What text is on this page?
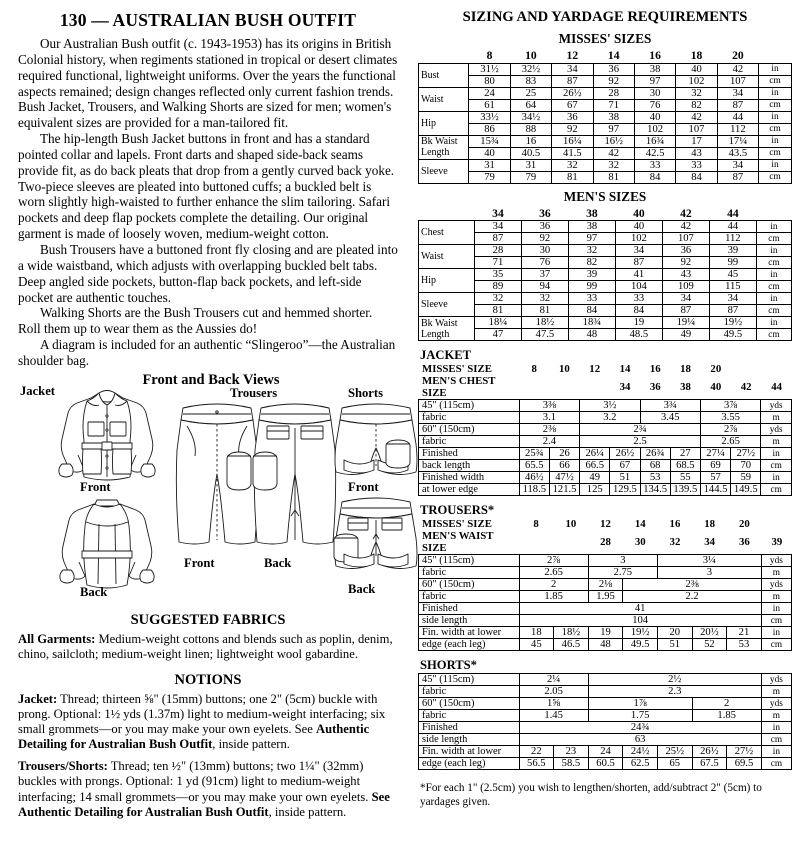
130 — AUSTRALIAN BUSH OUTFIT

Our Australian Bush outfit (c. 1943-1953) has its origins in British Colonial history, when regiments stationed in tropical or desert climates required functional, lightweight uniforms. Over the years the functional aspects remained; design changes reflected only current fashion trends. Bush Jacket, Trousers, and Walking Shorts are sized for men; women's equivalent sizes are provided for a man-tailored fit.

The hip-length Bush Jacket buttons in front and has a standard pointed collar and lapels. Front darts and shaped side-back seams provide fit, as do back pleats that drop from a gently curved back yoke. Two-piece sleeves are pleated into buttoned cuffs; a buckled belt is worn slightly high-waisted to further enhance the slim tailoring. Safari pockets and deep flap pockets complete the detailing. Our original garment is made of loosely woven, medium-weight cotton.

Bush Trousers have a buttoned front fly closing and are pleated into a wide waistband, which adjusts with overlapping buckled belt tabs. Deep angled side pockets, button-flap back pockets, and left-side pocket are authentic touches.

Walking Shorts are the Bush Trousers cut and hemmed shorter. Roll them up to wear them as the Aussies do!

A diagram is included for an authentic “Slingeroo”—the Australian shoulder bag.

Front and Back Views
Jacket	Trousers	Shorts
Front
Back
Front	Back
Front
Back
SUGGESTED FABRICS

All Garments: Medium-weight cottons and blends such as poplin, denim, chino, sailcloth; medium-weight linen; lightweight wool gabardine.

NOTIONS

Jacket: Thread; thirteen ⅝" (15mm) buttons; one 2" (5cm) buckle with prong. Optional: 1½ yds (1.37m) light to medium-weight interfacing; six small grommets—or you may make your own eyelets. See Authentic Detailing for Australian Bush Outfit, inside pattern.

Trousers/Shorts: Thread; ten ½" (13mm) buttons; two 1¼" (32mm) buckles with prongs. Optional: 1 yd (91cm) light to medium-weight interfacing; 14 small grommets—or you may make your own eyelets. See Authentic Detailing for Australian Bush Outfit, inside pattern.

SIZING AND YARDAGE REQUIREMENTS
MISSES' SIZES
	8	10	12	14	16	18	20	
Bust	31½	32½	34	36	38	40	42	in
	80	83	87	92	97	102	107	cm
Waist	24	25	26½	28	30	32	34	in
	61	64	67	71	76	82	87	cm
Hip	33½	34½	36	38	40	42	44	in
	86	88	92	97	102	107	112	cm
Bk Waist
Length	15¾	16	16¼	16½	16¾	17	17¼	in
	40	40.5	41.5	42	42.5	43	43.5	cm
Sleeve	31	31	32	32	33	33	34	in
	79	79	81	81	84	84	87	cm
MEN'S SIZES
	34	36	38	40	42	44	
Chest	34	36	38	40	42	44	in
	87	92	97	102	107	112	cm
Waist	28	30	32	34	36	39	in
	71	76	82	87	92	99	cm
Hip	35	37	39	41	43	45	in
	89	94	99	104	109	115	cm
Sleeve	32	32	33	33	34	34	in
	81	81	84	84	87	87	cm
Bk Waist
Length	18¼	18½	18¾	19	19¼	19½	in
	47	47.5	48	48.5	49	49.5	cm
JACKET
MISSES' SIZE	8	10	12	14	16	18	20		
MEN'S CHEST SIZE				34	36	38	40	42	44
45" (115cm)	3⅜		3½		3¾		3⅞		yds
fabric	3.1		3.2		3.45		3.55		m
60" (150cm)	2⅜		2¾				2⅞		yds
fabric	2.4		2.5				2.65		m
Finished	25¾	26	26¼	26½	26¾	27	27¼	27½	in
back length	65.5	66	66.5	67	68	68.5	69	70	cm
Finished width	46½	47½	49	51	53	55	57	59	in
at lower edge	118.5	121.5	125	129.5	134.5	139.5	144.5	149.5	cm
TROUSERS*
MISSES' SIZE	8	10	12	14	16	18	20	
MEN'S WAIST SIZE			28	30	32	34	36	39
45" (115cm)	2⅞		3		3¼			yds
fabric	2.65		2.75		3			m
60" (150cm)	2		2⅛	2⅜				yds
fabric	1.85		1.95	2.2				m
Finished	41							in
side length	104							cm
Fin. width at lower	18	18½	19	19½	20	20½	21	in
edge (each leg)	45	46.5	48	49.5	51	52	53	cm
SHORTS*
45" (115cm)	2¼		2½					yds
fabric	2.05		2.3					m
60" (150cm)	1⅝		1⅞			2		yds
fabric	1.45		1.75			1.85		m
Finished	24¾							in
side length	63							cm
Fin. width at lower	22	23	24	24½	25½	26½	27½	in
edge (each leg)	56.5	58.5	60.5	62.5	65	67.5	69.5	cm

*For each 1" (2.5cm) you wish to lengthen/shorten, add/subtract 2" (5cm) to yardages given.
